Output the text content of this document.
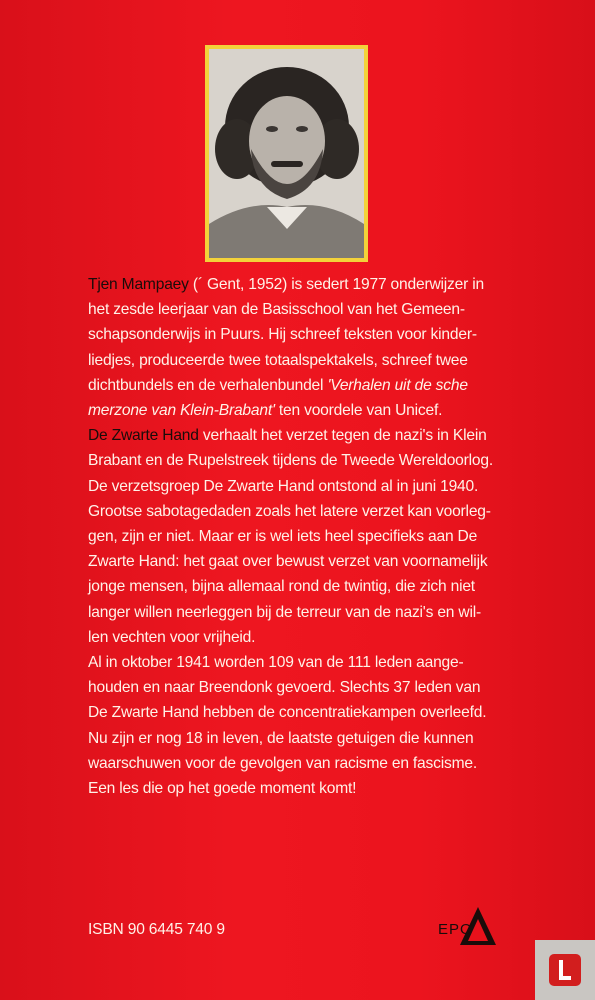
Tjen Mampaey (´ Gent, 1952) is sedert 1977 onderwijzer in
het zesde leerjaar van de Basisschool van het Gemeen-
schapsonderwijs in Puurs. Hij schreef teksten voor kinder-
liedjes, produceerde twee totaalspektakels, schreef twee
dichtbundels en de verhalenbundel 'Verhalen uit de sche
merzone van Klein-Brabant' ten voordele van Unicef.

De Zwarte Hand verhaalt het verzet tegen de nazi's in Klein
Brabant en de Rupelstreek tijdens de Tweede Wereldoorlog.
De verzetsgroep De Zwarte Hand ontstond al in juni 1940.
Grootse sabotagedaden zoals het latere verzet kan voorleg-
gen, zijn er niet. Maar er is wel iets heel specifieks aan De
Zwarte Hand: het gaat over bewust verzet van voornamelijk
jonge mensen, bijna allemaal rond de twintig, die zich niet
langer willen neerleggen bij de terreur van de nazi's en wil-
len vechten voor vrijheid.

Al in oktober 1941 worden 109 van de 111 leden aange-
houden en naar Breendonk gevoerd. Slechts 37 leden van
De Zwarte Hand hebben de concentratiekampen overleefd.
Nu zijn er nog 18 in leven, de laatste getuigen die kunnen
waarschuwen voor de gevolgen van racisme en fascisme.
Een les die op het goede moment komt!

ISBN 90 6445 740 9	EPO
